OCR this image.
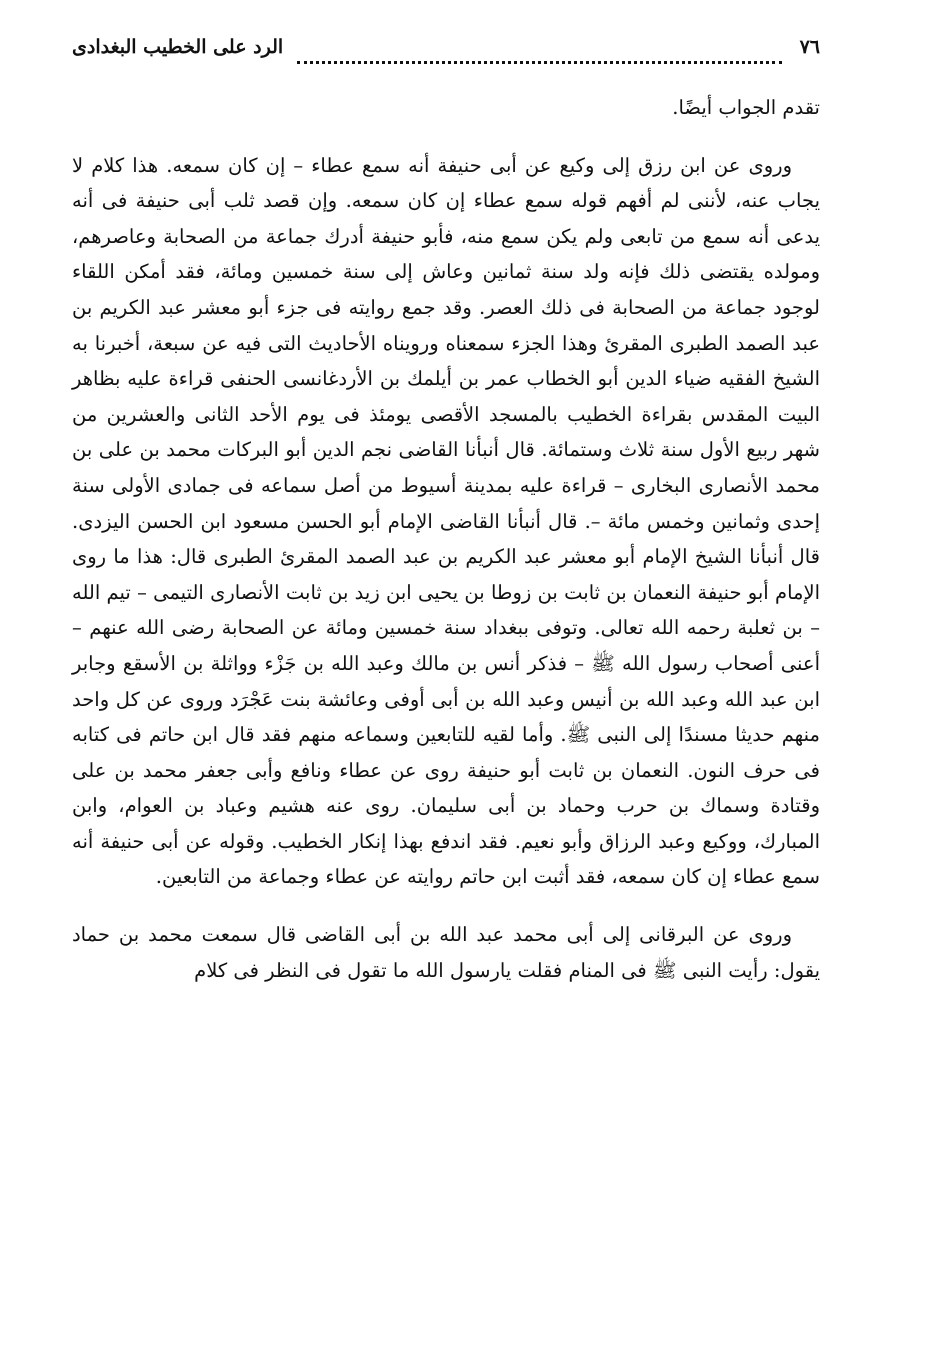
٧٦
الرد على الخطيب البغدادى

تقدم الجواب أيضًا.

وروى عن ابن رزق إلى وكيع عن أبى حنيفة أنه سمع عطاء – إن كان سمعه. هذا كلام لا يجاب عنه، لأننى لم أفهم قوله سمع عطاء إن كان سمعه. وإن قصد ثلب أبى حنيفة فى أنه يدعى أنه سمع من تابعى ولم يكن سمع منه، فأبو حنيفة أدرك جماعة من الصحابة وعاصرهم، ومولده يقتضى ذلك فإنه ولد سنة ثمانين وعاش إلى سنة خمسين ومائة، فقد أمكن اللقاء لوجود جماعة من الصحابة فى ذلك العصر. وقد جمع روايته فى جزء أبو معشر عبد الكريم بن عبد الصمد الطبرى المقرئ وهذا الجزء سمعناه ورويناه الأحاديث التى فيه عن سبعة، أخبرنا به الشيخ الفقيه ضياء الدين أبو الخطاب عمر بن أيلمك بن الأردغانسى الحنفى قراءة عليه بظاهر البيت المقدس بقراءة الخطيب بالمسجد الأقصى يومئذ فى يوم الأحد الثانى والعشرين من شهر ربيع الأول سنة ثلاث وستمائة. قال أنبأنا القاضى نجم الدين أبو البركات محمد بن على بن محمد الأنصارى البخارى – قراءة عليه بمدينة أسيوط من أصل سماعه فى جمادى الأولى سنة إحدى وثمانين وخمس مائة –. قال أنبأنا القاضى الإمام أبو الحسن مسعود ابن الحسن اليزدى. قال أنبأنا الشيخ الإمام أبو معشر عبد الكريم بن عبد الصمد المقرئ الطبرى قال: هذا ما روى الإمام أبو حنيفة النعمان بن ثابت بن زوطا بن يحيى ابن زيد بن ثابت الأنصارى التيمى – تيم الله – بن ثعلبة رحمه الله تعالى. وتوفى ببغداد سنة خمسين ومائة عن الصحابة رضى الله عنهم – أعنى أصحاب رسول الله ﷺ – فذكر أنس بن مالك وعبد الله بن جَزْء وواثلة بن الأسقع وجابر ابن عبد الله وعبد الله بن أنيس وعبد الله بن أبى أوفى وعائشة بنت عَجْرَد وروى عن كل واحد منهم حديثا مسندًا إلى النبى ﷺ. وأما لقيه للتابعين وسماعه منهم فقد قال ابن حاتم فى كتابه فى حرف النون. النعمان بن ثابت أبو حنيفة روى عن عطاء ونافع وأبى جعفر محمد بن على وقتادة وسماك بن حرب وحماد بن أبى سليمان. روى عنه هشيم وعباد بن العوام، وابن المبارك، ووكيع وعبد الرزاق وأبو نعيم. فقد اندفع بهذا إنكار الخطيب. وقوله عن أبى حنيفة أنه سمع عطاء إن كان سمعه، فقد أثبت ابن حاتم روايته عن عطاء وجماعة من التابعين.

وروى عن البرقانى إلى أبى محمد عبد الله بن أبى القاضى قال سمعت محمد بن حماد يقول: رأيت النبى ﷺ فى المنام فقلت يارسول الله ما تقول فى النظر فى كلام
